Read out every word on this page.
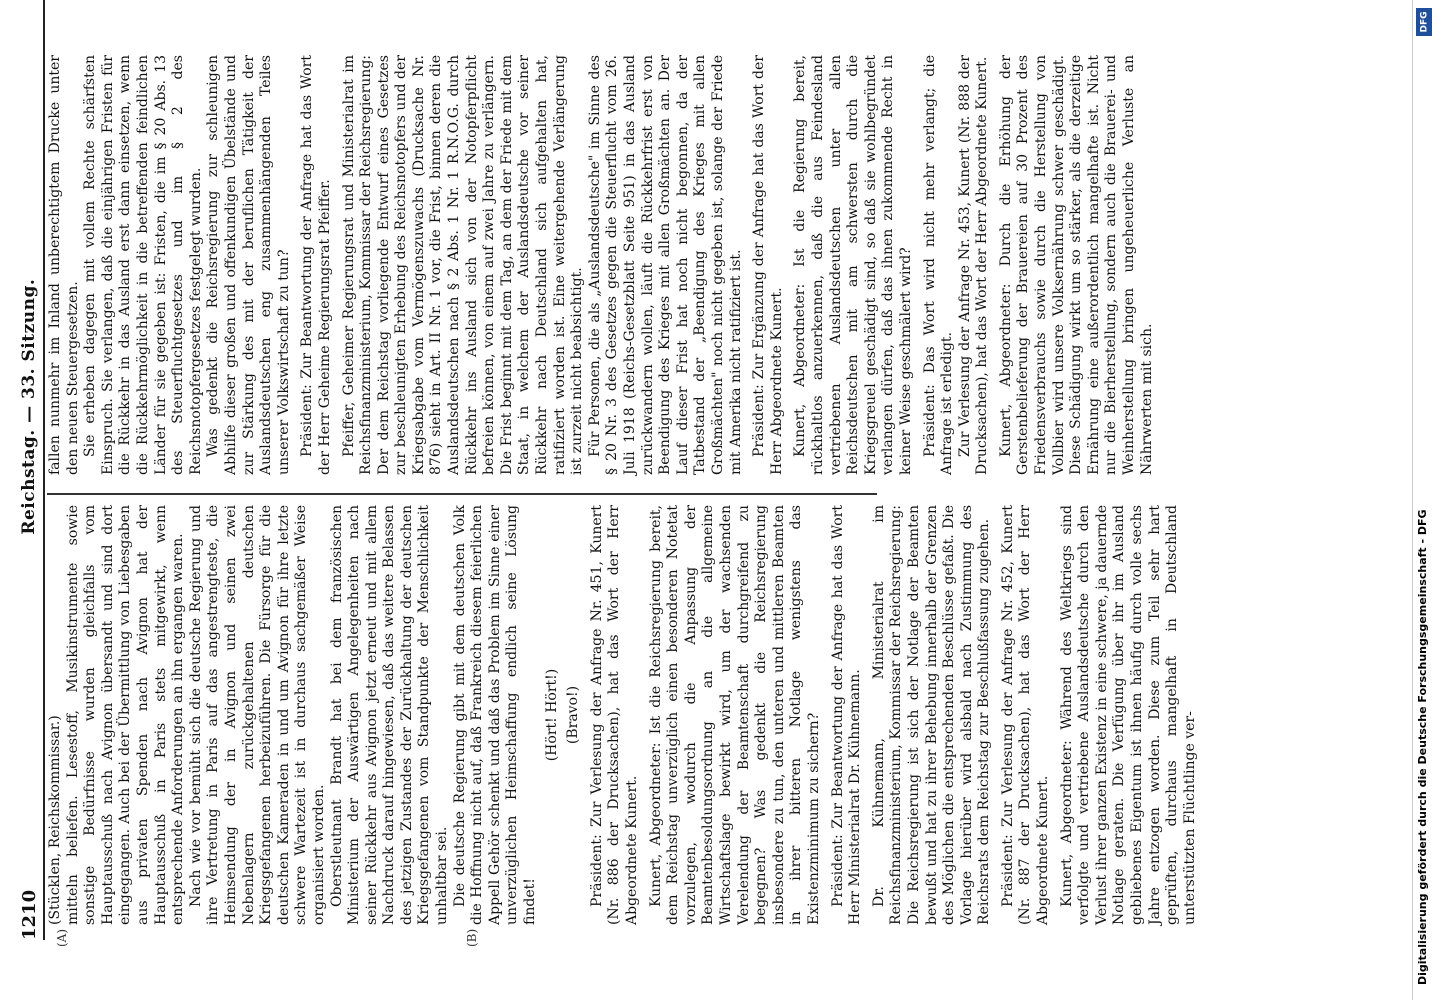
1210
Reichstag. — 33. Sitzung.
(A)	(B)

(Stücklen, Reichskommissar.) mitteln beliefen. Lesestoff, Musikinstrumente sowie sonstige Bedürfnisse wurden gleichfalls vom Hauptausschuß nach Avignon übersandt und sind dort eingegangen. Auch bei der Übermittlung von Liebesgaben aus privaten Spenden nach Avignon hat der Hauptausschuß in Paris stets mitgewirkt, wenn entsprechende Anforderungen an ihn ergangen waren. Nach wie vor bemüht sich die deutsche Regierung und ihre Vertretung in Paris auf das angestrengteste, die Heimsendung der in Avignon und seinen zwei Nebenlagern zurückgehaltenen deutschen Kriegsgefangenen herbeizuführen. Die Fürsorge für die deutschen Kameraden in und um Avignon für ihre letzte schwere Wartezeit ist in durchaus sachgemäßer Weise organisiert worden. Oberstleutnant Brandt hat bei dem französischen Ministerium der Auswärtigen Angelegenheiten nach seiner Rückkehr aus Avignon jetzt erneut und mit allem Nachdruck darauf hingewiesen, daß das weitere Belassen des jetzigen Zustandes der Zurückhaltung der deutschen Kriegsgefangenen vom Standpunkte der Menschlichkeit unhaltbar sei. Die deutsche Regierung gibt mit dem deutschen Volk die Hoffnung nicht auf, daß Frankreich diesem feierlichen Appell Gehör schenkt und daß das Problem im Sinne einer unverzüglichen Heimschaffung endlich seine Lösung findet!

(Hört! Hört!) (Bravo!) Präsident: Zur Verlesung der Anfrage Nr. 451, Kunert (Nr. 886 der Drucksachen), hat das Wort der Herr Abgeordnete Kunert. Kunert, Abgeordneter: Ist die Reichsregierung bereit, dem Reichstag unverzüglich einen besonderen Notetat vorzulegen, wodurch die Anpassung der Beamtenbesoldungsordnung an die allgemeine Wirtschaftslage bewirkt wird, um der wachsenden Verelendung der Beamtenschaft durchgreifend zu begegnen? Was gedenkt die Reichsregierung insbesondere zu tun, den unteren und mittleren Beamten in ihrer bitteren Notlage wenigstens das Existenzminimum zu sichern? Präsident: Zur Beantwortung der Anfrage hat das Wort Herr Ministerialrat Dr. Kühnemann. Dr. Kühnemann, Ministerialrat im Reichsfinanzministerium, Kommissar der Reichsregierung: Die Reichsregierung ist sich der Notlage der Beamten bewußt und hat zu ihrer Behebung innerhalb der Grenzen des Möglichen die entsprechenden Beschlüsse gefaßt. Die Vorlage hierüber wird alsbald nach Zustimmung des Reichsrats dem Reichstag zur Beschlußfassung zugehen. Präsident: Zur Verlesung der Anfrage Nr. 452, Kunert (Nr. 887 der Drucksachen), hat das Wort der Herr Abgeordnete Kunert. Kunert, Abgeordneter: Während des Weltkriegs sind verfolgte und vertriebene Auslandsdeutsche durch den Verlust ihrer ganzen Existenz in eine schwere, ja dauernde Notlage geraten. Die Verfügung über ihr im Ausland gebliebenes Eigentum ist ihnen häufig durch volle sechs Jahre entzogen worden. Diese zum Teil sehr hart geprüften, durchaus mangelhaft in Deutschland unterstützten Flüchtlinge ver-

fallen nunmehr im Inland unberechtigtem Drucke unter den neuen Steuergesetzen. Sie erheben dagegen mit vollem Rechte schärfsten Einspruch. Sie verlangen, daß die einjährigen Fristen für die Rückkehr in das Ausland erst dann einsetzen, wenn die Rückkehrmöglichkeit in die betreffenden feindlichen Länder für sie gegeben ist: Fristen, die im § 20 Abs. 13 des Steuerfluchtgesetzes und im § 2 des Reichsnotopfergesetzes festgelegt wurden. Was gedenkt die Reichsregierung zur schleunigen Abhilfe dieser großen und offenkundigen Übelstände und zur Stärkung des mit der beruflichen Tätigkeit der Auslandsdeutschen eng zusammenhängenden Teiles unserer Volkswirtschaft zu tun? Präsident: Zur Beantwortung der Anfrage hat das Wort der Herr Geheime Regierungsrat Pfeiffer. Pfeiffer, Geheimer Regierungsrat und Ministerialrat im Reichsfinanzministerium, Kommissar der Reichsregierung: Der dem Reichstag vorliegende Entwurf eines Gesetzes zur beschleunigten Erhebung des Reichsnotopfers und der Kriegsabgabe vom Vermögenszuwachs (Drucksache Nr. 876) sieht in Art. II Nr. 1 vor, die Frist, binnen deren die Auslandsdeutschen nach § 2 Abs. 1 Nr. 1 R.N.O.G. durch Rückkehr ins Ausland sich von der Notopferpflicht befreien können, von einem auf zwei Jahre zu verlängern. Die Frist beginnt mit dem Tag, an dem der Friede mit dem Staat, in welchem der Auslandsdeutsche vor seiner Rückkehr nach Deutschland sich aufgehalten hat, ratifiziert worden ist. Eine weitergehende Verlängerung ist zurzeit nicht beabsichtigt. Für Personen, die als „Auslandsdeutsche" im Sinne des § 20 Nr. 3 des Gesetzes gegen die Steuerflucht vom 26. Juli 1918 (Reichs-Gesetzblatt Seite 951) in das Ausland zurückwandern wollen, läuft die Rückkehrfrist erst von Beendigung des Krieges mit allen Großmächten an. Der Lauf dieser Frist hat noch nicht begonnen, da der Tatbestand der „Beendigung des Krieges mit allen Großmächten" noch nicht gegeben ist, solange der Friede mit Amerika nicht ratifiziert ist. Präsident: Zur Ergänzung der Anfrage hat das Wort der Herr Abgeordnete Kunert. Kunert, Abgeordneter: Ist die Regierung bereit, rückhaltlos anzuerkennen, daß die aus Feindesland vertriebenen Auslandsdeutschen unter allen Reichsdeutschen mit am schwersten durch die Kriegsgreuel geschädigt sind, so daß sie wohlbegründet verlangen dürfen, daß das ihnen zukommende Recht in keiner Weise geschmälert wird? Präsident: Das Wort wird nicht mehr verlangt; die Anfrage ist erledigt. Zur Verlesung der Anfrage Nr. 453, Kunert (Nr. 888 der Drucksachen), hat das Wort der Herr Abgeordnete Kunert. Kunert, Abgeordneter: Durch die Erhöhung der Gerstenbelieferung der Brauereien auf 30 Prozent des Friedensverbrauchs sowie durch die Herstellung von Vollbier wird unsere Volksernährung schwer geschädigt. Diese Schädigung wirkt um so stärker, als die derzeitige Ernährung eine außerordentlich mangelhafte ist. Nicht nur die Bierherstellung, sondern auch die Brauerei- und Weinherstellung bringen ungeheuerliche Verluste an Nährwerten mit sich.

DFG
Digitalisierung gefördert durch die Deutsche Forschungsgemeinschaft - DFG
